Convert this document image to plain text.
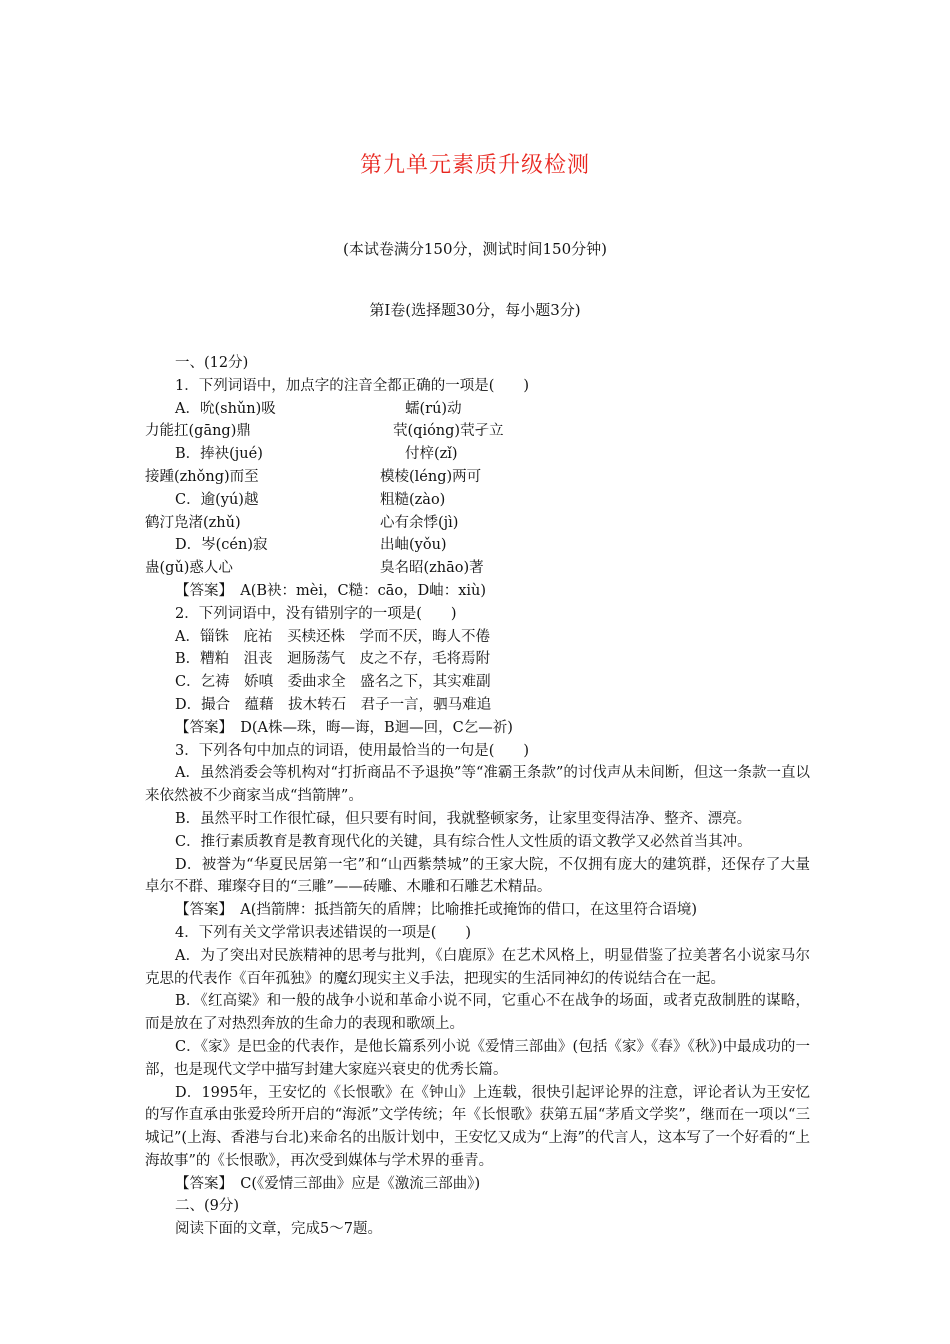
第九单元素质升级检测
(本试卷满分150分，测试时间150分钟)
第Ⅰ卷(选择题30分，每小题3分)

一、(12分)

1．下列词语中，加点字的注音全都正确的一项是(　　)

A．吮(shǔn)吸	蠕(rú)动

力能扛(gāng)鼎	茕(qióng)茕孑立

B．捧袂(jué)	付梓(zǐ)

接踵(zhǒng)而至	模棱(léng)两可

C．逾(yú)越	粗糙(zào)

鹤汀凫渚(zhǔ)	心有余悸(jì)

D．岑(cén)寂	出岫(yǒu)

蛊(gǔ)惑人心	臭名昭(zhāo)著

【答案】　A(B袂：mèi，C糙：cāo，D岫：xiù)

2．下列词语中，没有错别字的一项是(　　)

A．锱铢　庇祐　买椟还株　学而不厌，晦人不倦

B．糟粕　沮丧　迴肠荡气　皮之不存，毛将焉附

C．乞祷　娇嗔　委曲求全　盛名之下，其实难副

D．撮合　蕴藉　拔木转石　君子一言，驷马难追

【答案】　D(A株—珠，晦—诲，B迴—回，C乞—祈)

3．下列各句中加点的词语，使用最恰当的一句是(　　)

A．虽然消委会等机构对“打折商品不予退换”等“准霸王条款”的讨伐声从未间断，但这一条款一直以来依然被不少商家当成“挡箭牌”。

B．虽然平时工作很忙碌，但只要有时间，我就整顿家务，让家里变得洁净、整齐、漂亮。

C．推行素质教育是教育现代化的关键，具有综合性人文性质的语文教学又必然首当其冲。

D．被誉为“华夏民居第一宅”和“山西紫禁城”的王家大院，不仅拥有庞大的建筑群，还保存了大量卓尔不群、璀璨夺目的“三雕”——砖雕、木雕和石雕艺术精品。

【答案】　A(挡箭牌：抵挡箭矢的盾牌；比喻推托或掩饰的借口，在这里符合语境)

4．下列有关文学常识表述错误的一项是(　　)

A．为了突出对民族精神的思考与批判，《白鹿原》在艺术风格上，明显借鉴了拉美著名小说家马尔克思的代表作《百年孤独》的魔幻现实主义手法，把现实的生活同神幻的传说结合在一起。

B．《红高粱》和一般的战争小说和革命小说不同，它重心不在战争的场面，或者克敌制胜的谋略，而是放在了对热烈奔放的生命力的表现和歌颂上。

C．《家》是巴金的代表作，是他长篇系列小说《爱情三部曲》(包括《家》《春》《秋》)中最成功的一部，也是现代文学中描写封建大家庭兴衰史的优秀长篇。

D．1995年，王安忆的《长恨歌》在《钟山》上连载，很快引起评论界的注意，评论者认为王安忆的写作直承由张爱玲所开启的“海派”文学传统；年《长恨歌》获第五届“茅盾文学奖”，继而在一项以“三城记”(上海、香港与台北)来命名的出版计划中，王安忆又成为“上海”的代言人，这本写了一个好看的“上海故事”的《长恨歌》，再次受到媒体与学术界的垂青。

【答案】　C(《爱情三部曲》应是《激流三部曲》)

二、(9分)

阅读下面的文章，完成5～7题。
